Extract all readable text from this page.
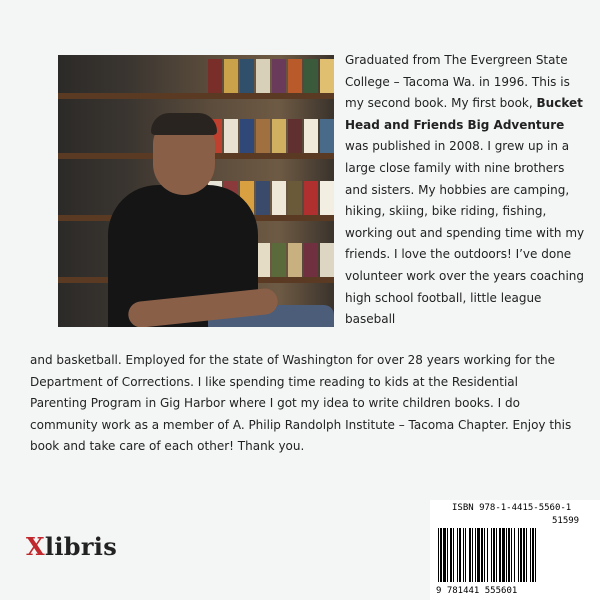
Graduated from The Evergreen State College – Tacoma Wa. in 1996. This is my second book. My first book, Bucket Head and Friends Big Adventure was published in 2008. I grew up in a large close family with nine brothers and sisters. My hobbies are camping, hiking, skiing, bike riding, fishing, working out and spending time with my friends. I love the outdoors! I’ve done volunteer work over the years coaching high school football, little league baseball

and basketball. Employed for the state of Washington for over 28 years working for the Department of Corrections. I like spending time reading to kids at the Residential Parenting Program in Gig Harbor where I got my idea to write children books. I do community work as a member of A. Philip Randolph Institute – Tacoma Chapter. Enjoy this book and take care of each other! Thank you.

Xlibris
ISBN 978-1-4415-5560-1
51599
9 781441 555601
